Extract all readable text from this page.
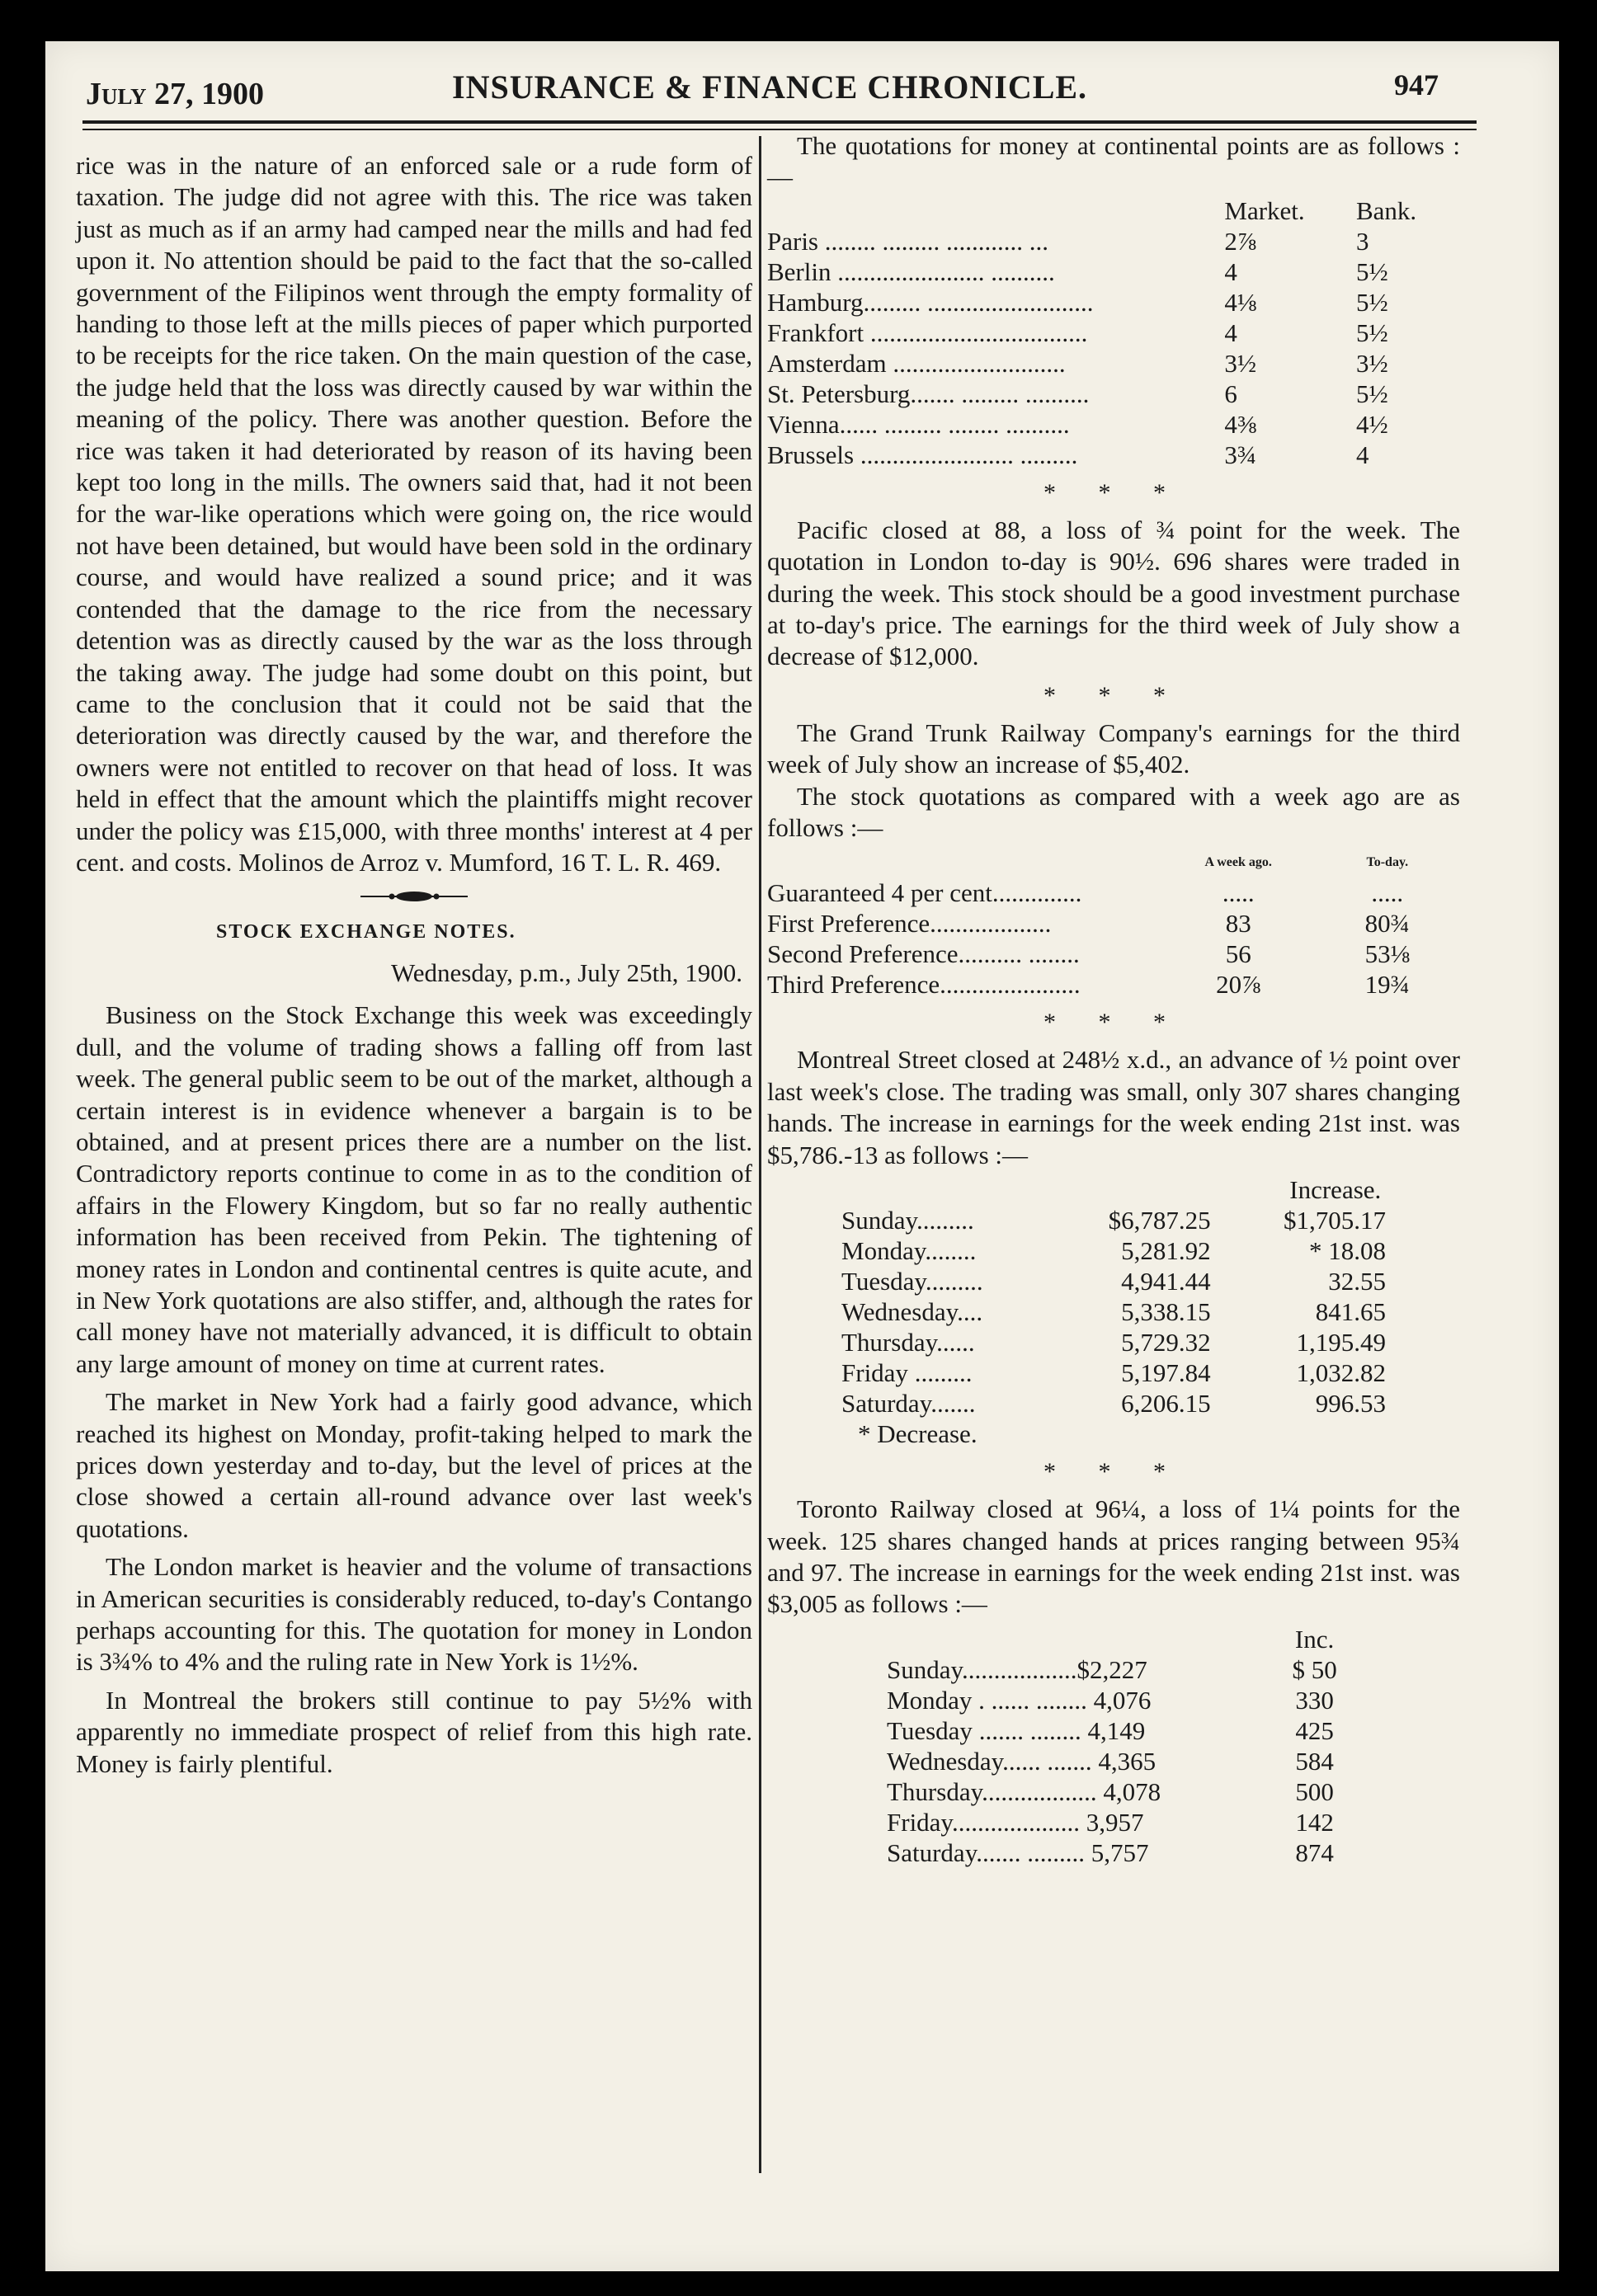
July 27, 1900	INSURANCE & FINANCE CHRONICLE.	947

rice was in the nature of an enforced sale or a rude form of taxation. The judge did not agree with this. The rice was taken just as much as if an army had camped near the mills and had fed upon it. No attention should be paid to the fact that the so-called government of the Filipinos went through the empty formality of handing to those left at the mills pieces of paper which purported to be receipts for the rice taken. On the main question of the case, the judge held that the loss was directly caused by war within the meaning of the policy. There was another question. Before the rice was taken it had deteriorated by reason of its having been kept too long in the mills. The owners said that, had it not been for the war-like operations which were going on, the rice would not have been detained, but would have been sold in the ordinary course, and would have realized a sound price; and it was contended that the damage to the rice from the necessary detention was as directly caused by the war as the loss through the taking away. The judge had some doubt on this point, but came to the conclusion that it could not be said that the deterioration was directly caused by the war, and therefore the owners were not entitled to recover on that head of loss. It was held in effect that the amount which the plaintiffs might recover under the policy was £15,000, with three months' interest at 4 per cent. and costs. Molinos de Arroz v. Mumford, 16 T. L. R. 469.

STOCK EXCHANGE NOTES.
Wednesday, p.m., July 25th, 1900.

Business on the Stock Exchange this week was exceedingly dull, and the volume of trading shows a falling off from last week. The general public seem to be out of the market, although a certain interest is in evidence whenever a bargain is to be obtained, and at present prices there are a number on the list. Contradictory reports continue to come in as to the condition of affairs in the Flowery Kingdom, but so far no really authentic information has been received from Pekin. The tightening of money rates in London and continental centres is quite acute, and in New York quotations are also stiffer, and, although the rates for call money have not materially advanced, it is difficult to obtain any large amount of money on time at current rates.

The market in New York had a fairly good advance, which reached its highest on Monday, profit-taking helped to mark the prices down yesterday and to-day, but the level of prices at the close showed a certain all-round advance over last week's quotations.

The London market is heavier and the volume of transactions in American securities is considerably reduced, to-day's Contango perhaps accounting for this. The quotation for money in London is 3¾% to 4% and the ruling rate in New York is 1½%.

In Montreal the brokers still continue to pay 5½% with apparently no immediate prospect of relief from this high rate. Money is fairly plentiful.

The quotations for money at continental points are as follows :—

	Market.	Bank.
Paris ........ ......... ............ ...	2⅞	3
Berlin ....................... ..........	4	5½
Hamburg......... ..........................	4⅛	5½
Frankfort ..................................	4	5½
Amsterdam ...........................	3½	3½
St. Petersburg....... ......... ..........	6	5½
Vienna...... ......... ........ ..........	4⅜	4½
Brussels ........................ .........	3¾	4
* * *

Pacific closed at 88, a loss of ¾ point for the week. The quotation in London to-day is 90½. 696 shares were traded in during the week. This stock should be a good investment purchase at to-day's price. The earnings for the third week of July show a decrease of $12,000.

* * *

The Grand Trunk Railway Company's earnings for the third week of July show an increase of $5,402.

The stock quotations as compared with a week ago are as follows :—

	A week ago.	To-day.
Guaranteed 4 per cent..............	.....	.....
First Preference...................	83	80¾
Second Preference.......... ........	56	53⅛
Third Preference......................	20⅞	19¾
* * *

Montreal Street closed at 248½ x.d., an advance of ½ point over last week's close. The trading was small, only 307 shares changing hands. The increase in earnings for the week ending 21st inst. was $5,786.-13 as follows :—

		Increase.
Sunday.........	$6,787.25	$1,705.17
Monday........	5,281.92	* 18.08
Tuesday.........	4,941.44	32.55
Wednesday....	5,338.15	841.65
Thursday......	5,729.32	1,195.49
Friday .........	5,197.84	1,032.82
Saturday.......	6,206.15	996.53
* Decrease.		
* * *

Toronto Railway closed at 96¼, a loss of 1¼ points for the week. 125 shares changed hands at prices ranging between 95¾ and 97. The increase in earnings for the week ending 21st inst. was $3,005 as follows :—

	Inc.
Sunday..................$2,227	$ 50
Monday . ...... ........ 4,076	330
Tuesday ....... ........ 4,149	425
Wednesday...... ....... 4,365	584
Thursday.................. 4,078	500
Friday.................... 3,957	142
Saturday....... ......... 5,757	874
